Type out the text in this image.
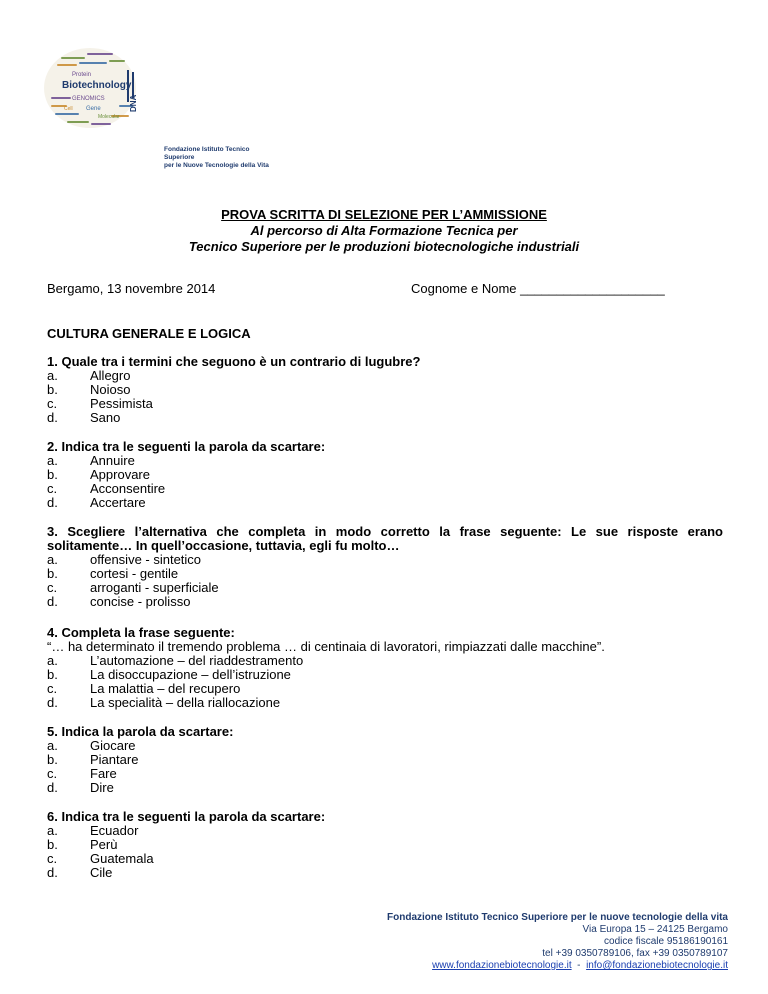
Protein
Biotechnology
GENOMICS
Gene
Cell
Molecular
DNA
Fondazione Istituto Tecnico Superiore
per le Nuove Tecnologie della Vita
PROVA SCRITTA DI SELEZIONE PER L’AMMISSIONE
Al percorso di Alta Formazione Tecnica per
Tecnico Superiore per le produzioni biotecnologiche industriali
Bergamo, 13 novembre 2014	Cognome e Nome ____________________
CULTURA GENERALE E LOGICA
1. Quale tra i termini che seguono è un contrario di lugubre?
a. Allegro
b. Noioso
c.	Pessimista
d. Sano
2. Indica tra le seguenti la parola da scartare:
a. Annuire
b. Approvare
c.	Acconsentire
d. Accertare
3. Scegliere l’alternativa che completa in modo corretto la frase seguente: Le sue risposte erano solitamente… In quell’occasione, tuttavia, egli fu molto…
a. offensive - sintetico
b. cortesi - gentile
c.	arroganti - superficiale
d. concise - prolisso
4. Completa la frase seguente:
“… ha determinato il tremendo problema … di centinaia di lavoratori, rimpiazzati dalle macchine”.
a. L’automazione – del riaddestramento
b. La disoccupazione – dell’istruzione
c.	La malattia – del recupero
d. La specialità – della riallocazione
5. Indica la parola da scartare:
a. Giocare
b. Piantare
c.	Fare
d. Dire
6. Indica tra le seguenti la parola da scartare:
a. Ecuador
b. Perù
c.	Guatemala
d. Cile
Fondazione Istituto Tecnico Superiore per le nuove tecnologie della vita
Via Europa 15 – 24125 Bergamo
codice fiscale 95186190161
tel +39 0350789106, fax +39 0350789107
www.fondazionebiotecnologie.it - info@fondazionebiotecnologie.it
